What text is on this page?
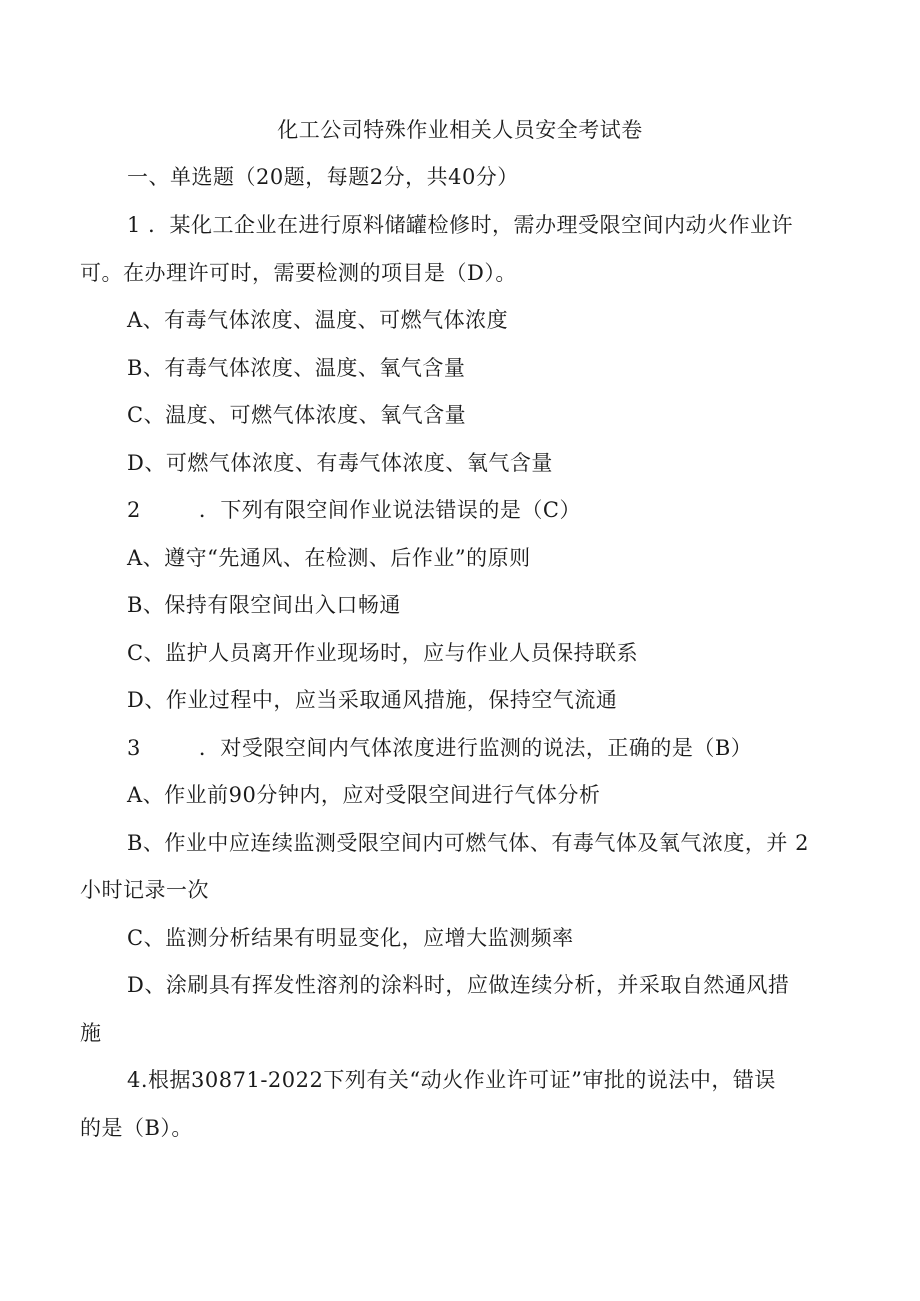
化工公司特殊作业相关人员安全考试卷
一、单选题（20题，每题2分，共40分）
1 ．某化工企业在进行原料储罐检修时，需办理受限空间内动火作业许
可。在办理许可时，需要检测的项目是（D）。
A、有毒气体浓度、温度、可燃气体浓度
B、有毒气体浓度、温度、氧气含量
C、温度、可燃气体浓度、氧气含量
D、可燃气体浓度、有毒气体浓度、氧气含量
2	．下列有限空间作业说法错误的是（C）
A、遵守“先通风、在检测、后作业”的原则
B、保持有限空间出入口畅通
C、监护人员离开作业现场时，应与作业人员保持联系
D、作业过程中，应当采取通风措施，保持空气流通
3	．对受限空间内气体浓度进行监测的说法，正确的是（B）
A、作业前90分钟内，应对受限空间进行气体分析
B、作业中应连续监测受限空间内可燃气体、有毒气体及氧气浓度，并 2
小时记录一次
C、监测分析结果有明显变化，应增大监测频率
D、涂刷具有挥发性溶剂的涂料时，应做连续分析，并采取自然通风措
施
4.根据30871-2022下列有关“动火作业许可证”审批的说法中，错误
的是（B）。
